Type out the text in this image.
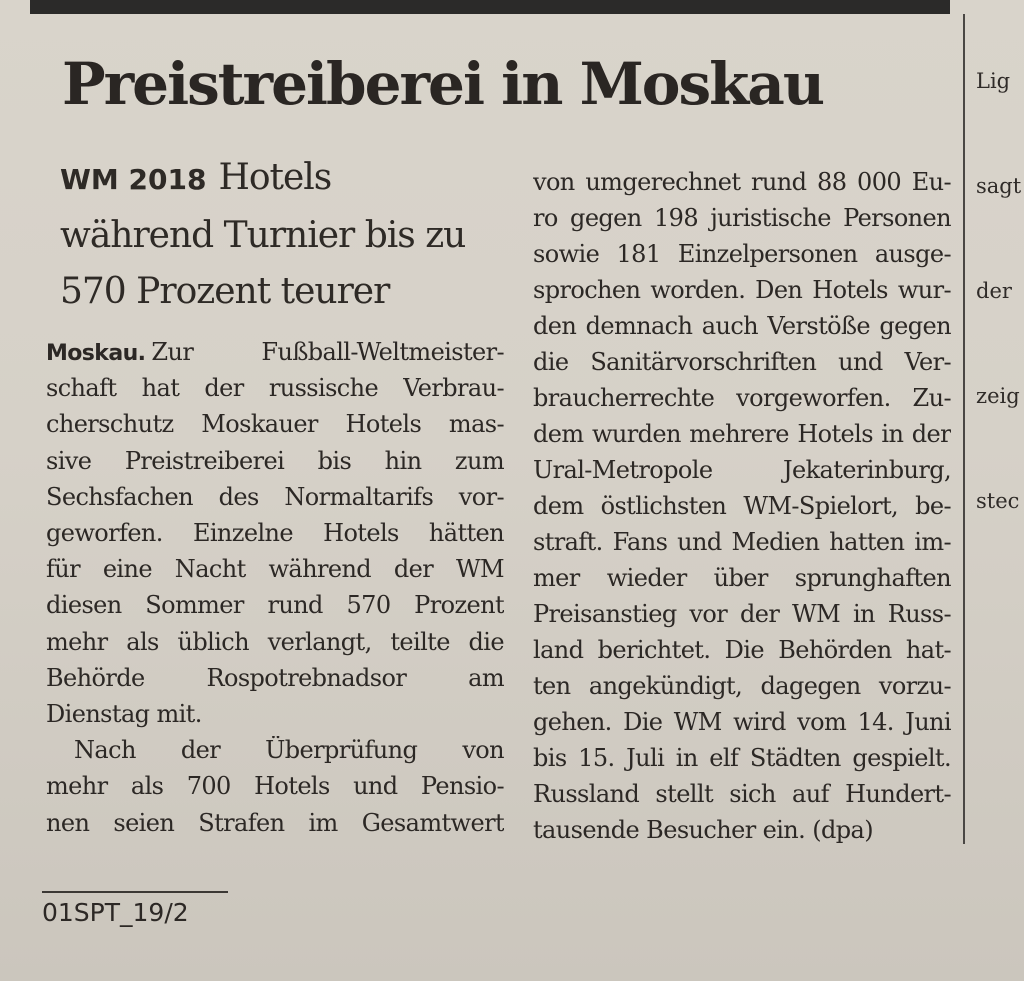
Lig

sagt

der

zeig

stec

Preistreiberei in Moskau
WM 2018 Hotels
während Turnier bis zu
570 Prozent teurer
Moskau. Zur Fußball-Weltmeister-
schaft hat der russische Verbrau-
cherschutz Moskauer Hotels mas-
sive Preistreiberei bis hin zum
Sechsfachen des Normaltarifs vor-
geworfen. Einzelne Hotels hätten
für eine Nacht während der WM
diesen Sommer rund 570 Prozent
mehr als üblich verlangt, teilte die
Behörde Rospotrebnadsor am
Dienstag mit.
Nach der Überprüfung von
mehr als 700 Hotels und Pensio-
nen seien Strafen im Gesamtwert
von umgerechnet rund 88 000 Eu-
ro gegen 198 juristische Personen
sowie 181 Einzelpersonen ausge-
sprochen worden. Den Hotels wur-
den demnach auch Verstöße gegen
die Sanitärvorschriften und Ver-
braucherrechte vorgeworfen. Zu-
dem wurden mehrere Hotels in der
Ural-Metropole Jekaterinburg,
dem östlichsten WM-Spielort, be-
straft. Fans und Medien hatten im-
mer wieder über sprunghaften
Preisanstieg vor der WM in Russ-
land berichtet. Die Behörden hat-
ten angekündigt, dagegen vorzu-
gehen. Die WM wird vom 14. Juni
bis 15. Juli in elf Städten gespielt.
Russland stellt sich auf Hundert-
tausende Besucher ein. (dpa)
01SPT_19/2
